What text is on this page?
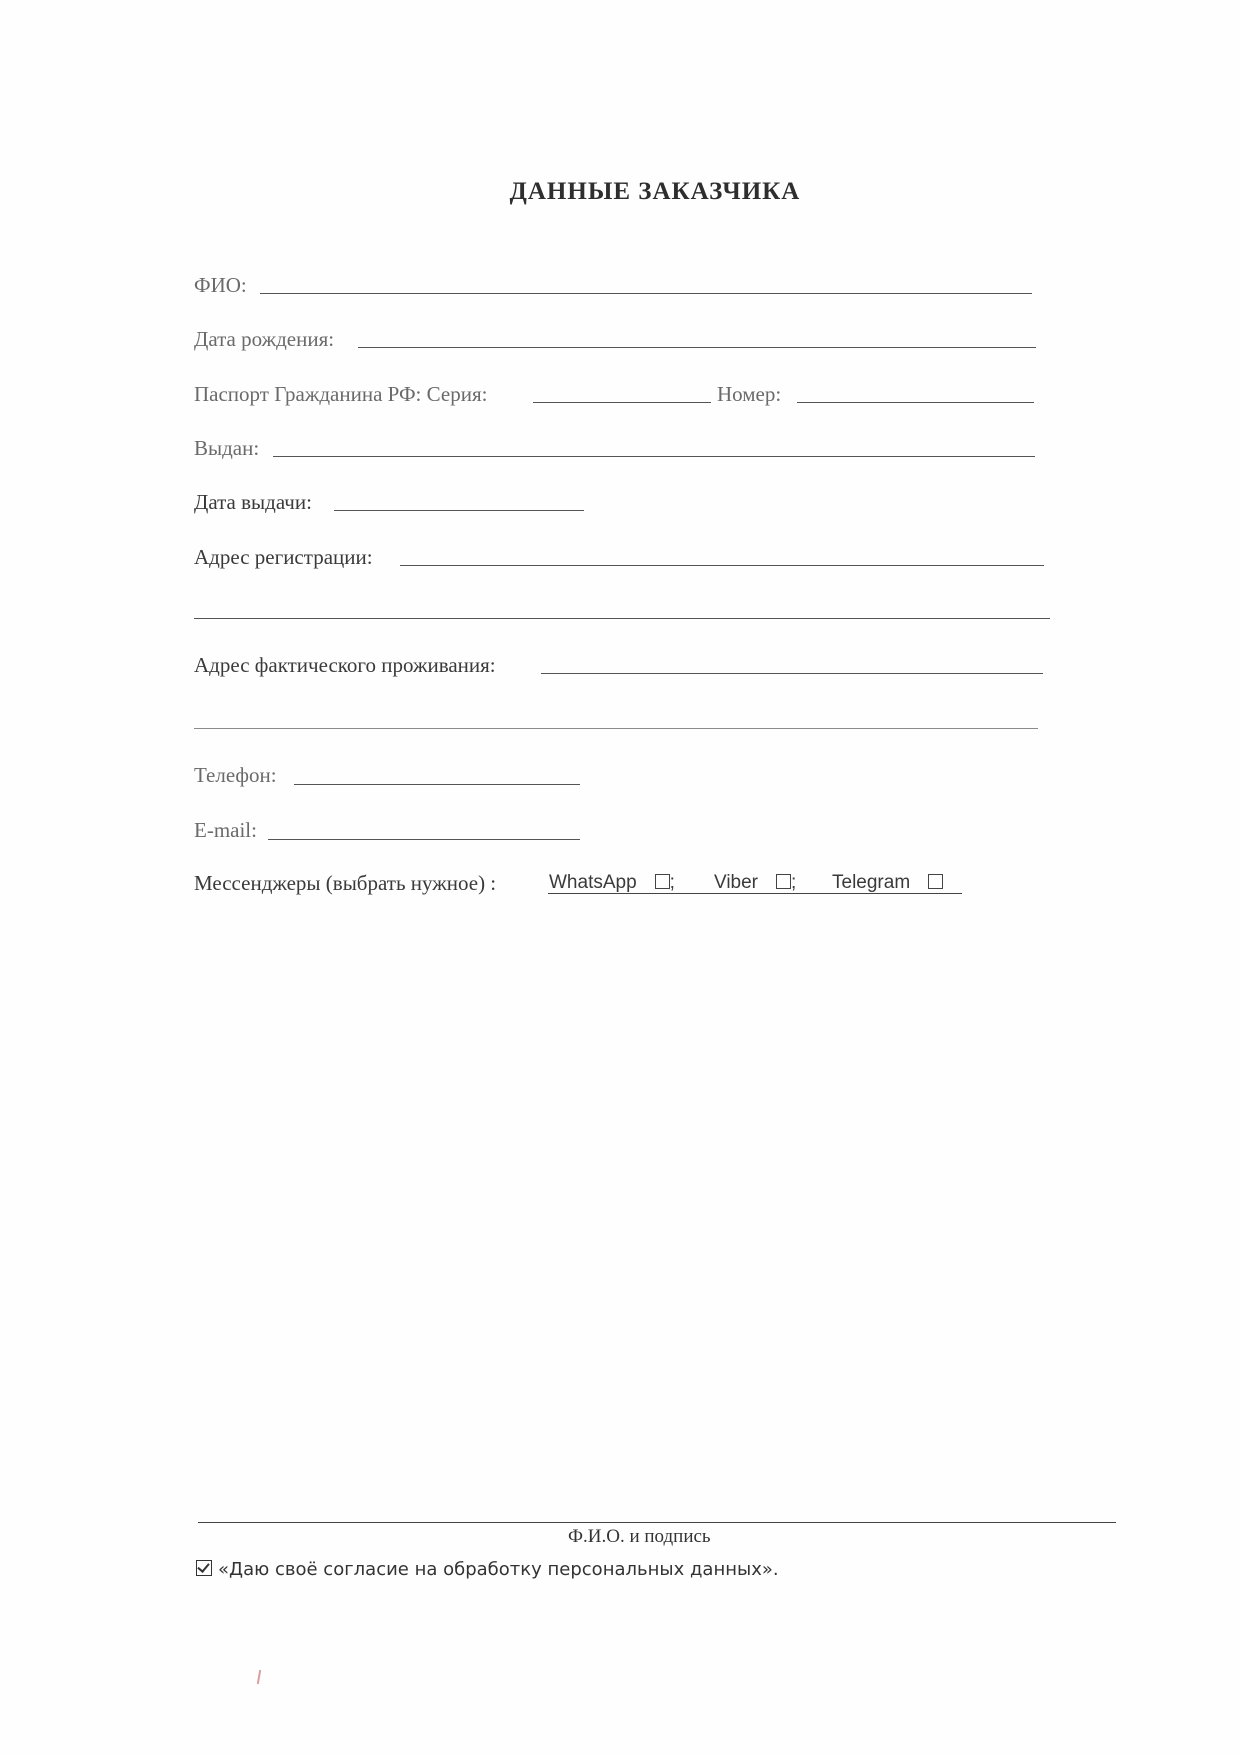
ДАННЫЕ ЗАКАЗЧИКА
ФИО:
Дата рождения:
Паспорт Гражданина РФ: Серия:	Номер:
Выдан:
Дата выдачи:
Адрес регистрации:
Адрес фактического проживания:
Телефон:
E-mail:
Мессенджеры (выбрать нужное) :	WhatsApp ; Viber ; Telegram
Ф.И.О. и подпись
«Даю своё согласие на обработку персональных данных».
